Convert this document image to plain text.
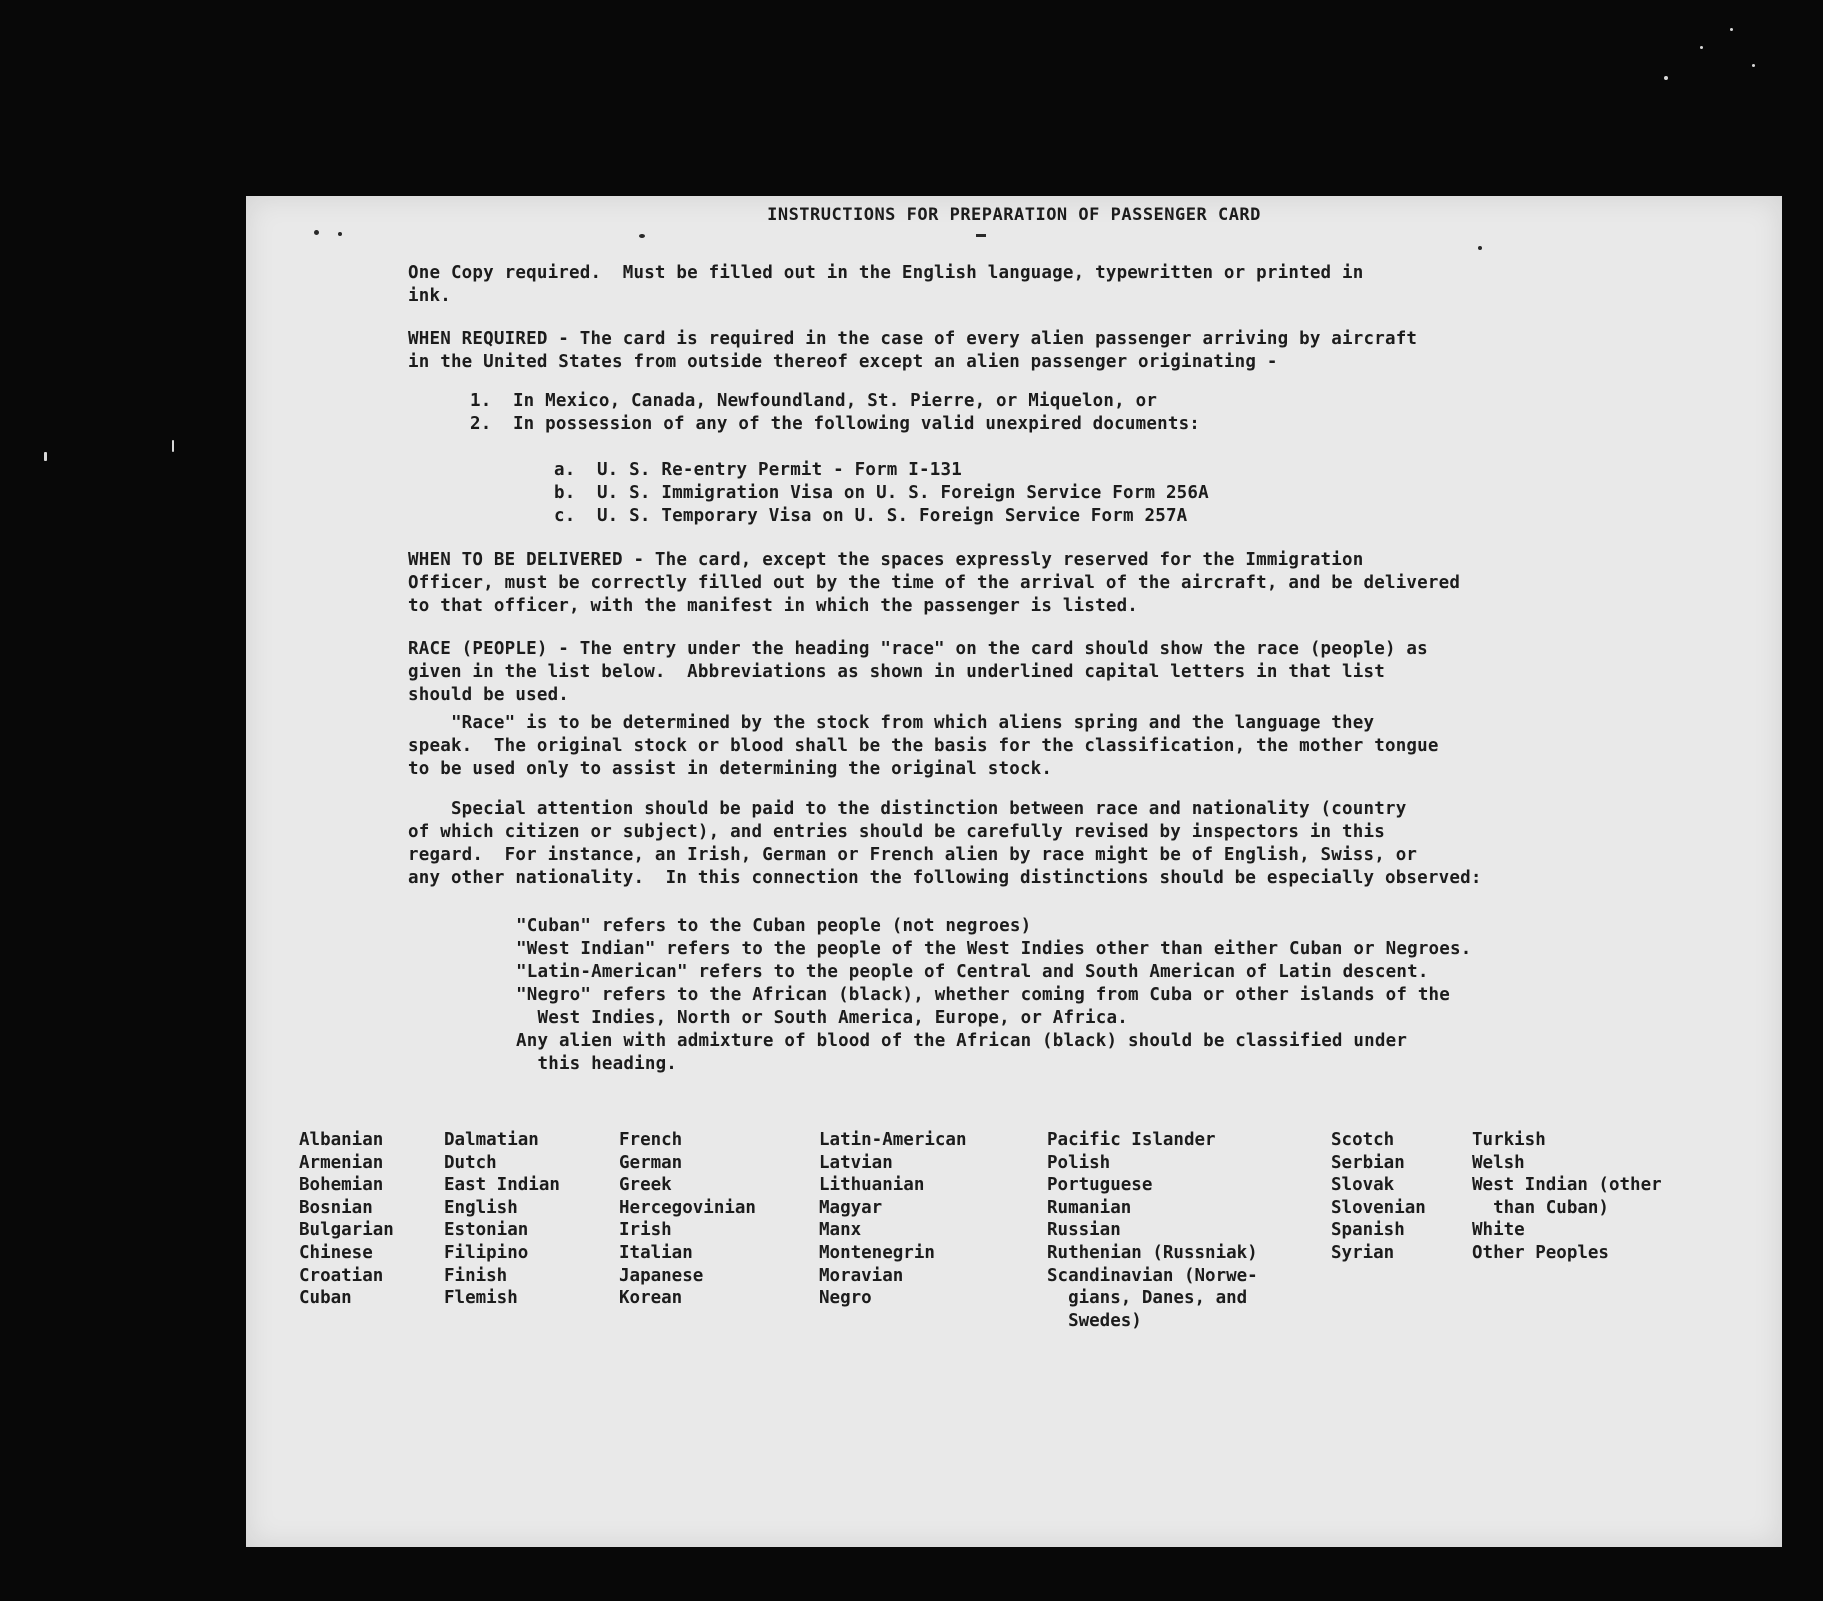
INSTRUCTIONS FOR PREPARATION OF PASSENGER CARD
One Copy required.  Must be filled out in the English language, typewritten or printed in
ink.
WHEN REQUIRED - The card is required in the case of every alien passenger arriving by aircraft
in the United States from outside thereof except an alien passenger originating -
1.  In Mexico, Canada, Newfoundland, St. Pierre, or Miquelon, or
2.  In possession of any of the following valid unexpired documents:
a.  U. S. Re-entry Permit - Form I-131
b.  U. S. Immigration Visa on U. S. Foreign Service Form 256A
c.  U. S. Temporary Visa on U. S. Foreign Service Form 257A
WHEN TO BE DELIVERED - The card, except the spaces expressly reserved for the Immigration
Officer, must be correctly filled out by the time of the arrival of the aircraft, and be delivered
to that officer, with the manifest in which the passenger is listed.
RACE (PEOPLE) - The entry under the heading "race" on the card should show the race (people) as
given in the list below.  Abbreviations as shown in underlined capital letters in that list
should be used.
"Race" is to be determined by the stock from which aliens spring and the language they
speak.  The original stock or blood shall be the basis for the classification, the mother tongue
to be used only to assist in determining the original stock.
Special attention should be paid to the distinction between race and nationality (country
of which citizen or subject), and entries should be carefully revised by inspectors in this
regard.  For instance, an Irish, German or French alien by race might be of English, Swiss, or
any other nationality.  In this connection the following distinctions should be especially observed:
"Cuban" refers to the Cuban people (not negroes)
"West Indian" refers to the people of the West Indies other than either Cuban or Negroes.
"Latin-American" refers to the people of Central and South American of Latin descent.
"Negro" refers to the African (black), whether coming from Cuba or other islands of the
West Indies, North or South America, Europe, or Africa.
Any alien with admixture of blood of the African (black) should be classified under
this heading.
Albanian
Armenian
Bohemian
Bosnian
Bulgarian
Chinese
Croatian
Cuban
Dalmatian
Dutch
East Indian
English
Estonian
Filipino
Finish
Flemish
French
German
Greek
Hercegovinian
Irish
Italian
Japanese
Korean
Latin-American
Latvian
Lithuanian
Magyar
Manx
Montenegrin
Moravian
Negro
Pacific Islander
Polish
Portuguese
Rumanian
Russian
Ruthenian (Russniak)
Scandinavian (Norwe-
gians, Danes, and
Swedes)
Scotch
Serbian
Slovak
Slovenian
Spanish
Syrian
Turkish
Welsh
West Indian (other
than Cuban)
White
Other Peoples
